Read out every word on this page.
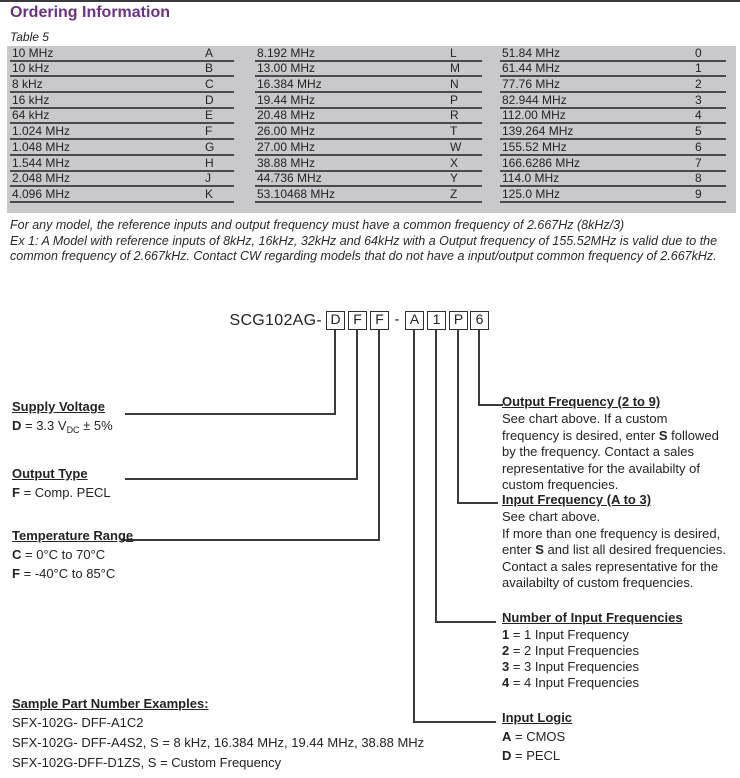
Ordering Information
Table 5
10 MHz	A
10 kHz	B
8 kHz	C
16 kHz	D
64 kHz	E
1.024 MHz	F
1.048 MHz	G
1.544 MHz	H
2.048 MHz	J
4.096 MHz	K
8.192 MHz	L
13.00 MHz	M
16.384 MHz	N
19.44 MHz	P
20.48 MHz	R
26.00 MHz	T
27.00 MHz	W
38.88 MHz	X
44.736 MHz	Y
53.10468 MHz	Z
51.84 MHz	0
61.44 MHz	1
77.76 MHz	2
82.944 MHz	3
112.00 MHz	4
139.264 MHz	5
155.52 MHz	6
166.6286 MHz	7
114.0 MHz	8
125.0 MHz	9
For any model, the reference inputs and output frequency must have a common frequency of 2.667Hz (8kHz/3)
Ex 1: A Model with reference inputs of 8kHz, 16kHz, 32kHz and 64kHz with a Output frequency of 155.52MHz is valid due to the
common frequency of 2.667kHz. Contact CW regarding models that do not have a input/output common frequency of 2.667kHz.
SCG102AG- D F F - A 1 P 6
Supply Voltage
D = 3.3 $V_{DC} \pm 5\%$
Output Type
F = Comp. PECL
Temperature Range
C = 0°C to 70°C
F = -40°C to 85°C
Output Frequency (2 to 9)
See chart above. If a custom
frequency is desired, enter S followed
by the frequency. Contact a sales
representative for the availabilty of
custom frequencies.
Input Frequency (A to 3)
See chart above.
If more than one frequency is desired,
enter S and list all desired frequencies.
Contact a sales representative for the
availabilty of custom frequencies.
Number of Input Frequencies
1 = 1 Input Frequency
2 = 2 Input Frequencies
3 = 3 Input Frequencies
4 = 4 Input Frequencies
Input Logic
A = CMOS
D = PECL
Sample Part Number Examples:
SFX-102G- DFF-A1C2
SFX-102G- DFF-A4S2, S = 8 kHz, 16.384 MHz, 19.44 MHz, 38.88 MHz
SFX-102G-DFF-D1ZS, S = Custom Frequency
